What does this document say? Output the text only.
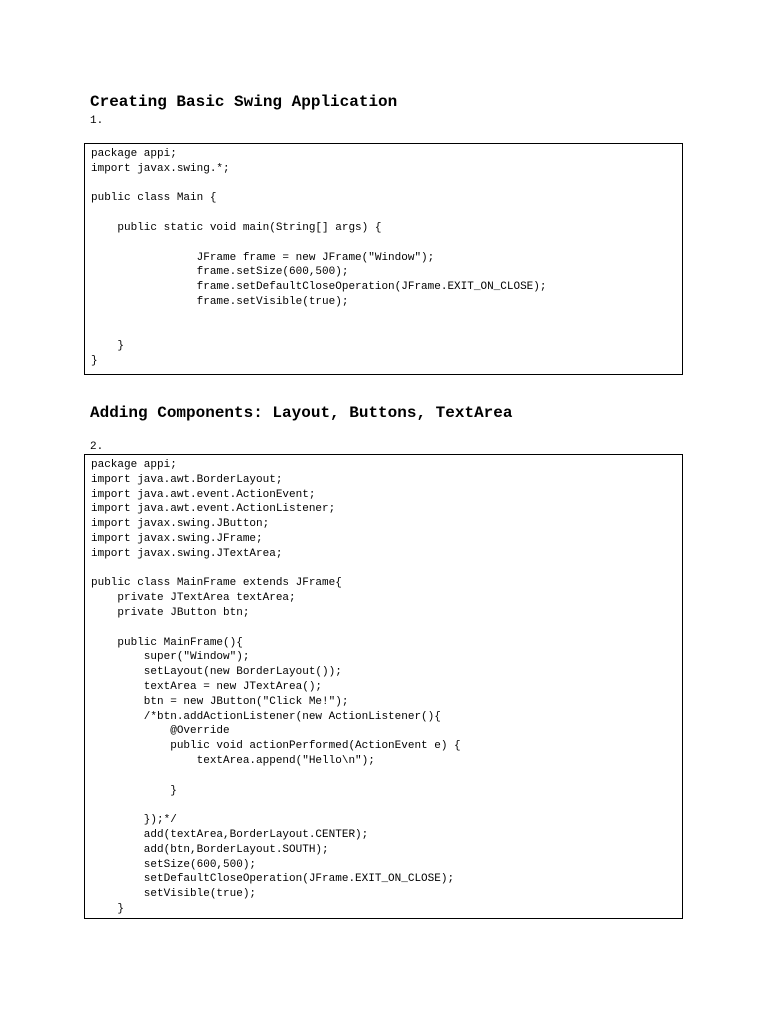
Creating Basic Swing Application
1.
package appi;
import javax.swing.*;

public class Main {

public static void main(String[] args) {

JFrame frame = new JFrame("Window");
frame.setSize(600,500);
frame.setDefaultCloseOperation(JFrame.EXIT_ON_CLOSE);
frame.setVisible(true);

}
}
Adding Components: Layout, Buttons, TextArea
2.
package appi;
import java.awt.BorderLayout;
import java.awt.event.ActionEvent;
import java.awt.event.ActionListener;
import javax.swing.JButton;
import javax.swing.JFrame;
import javax.swing.JTextArea;

public class MainFrame extends JFrame{
private JTextArea textArea;
private JButton btn;

public MainFrame(){
super("Window");
setLayout(new BorderLayout());
textArea = new JTextArea();
btn = new JButton("Click Me!");
/*btn.addActionListener(new ActionListener(){
@Override
public void actionPerformed(ActionEvent e) {
textArea.append("Hello\n");

}

});*/
add(textArea,BorderLayout.CENTER);
add(btn,BorderLayout.SOUTH);
setSize(600,500);
setDefaultCloseOperation(JFrame.EXIT_ON_CLOSE);
setVisible(true);
}
